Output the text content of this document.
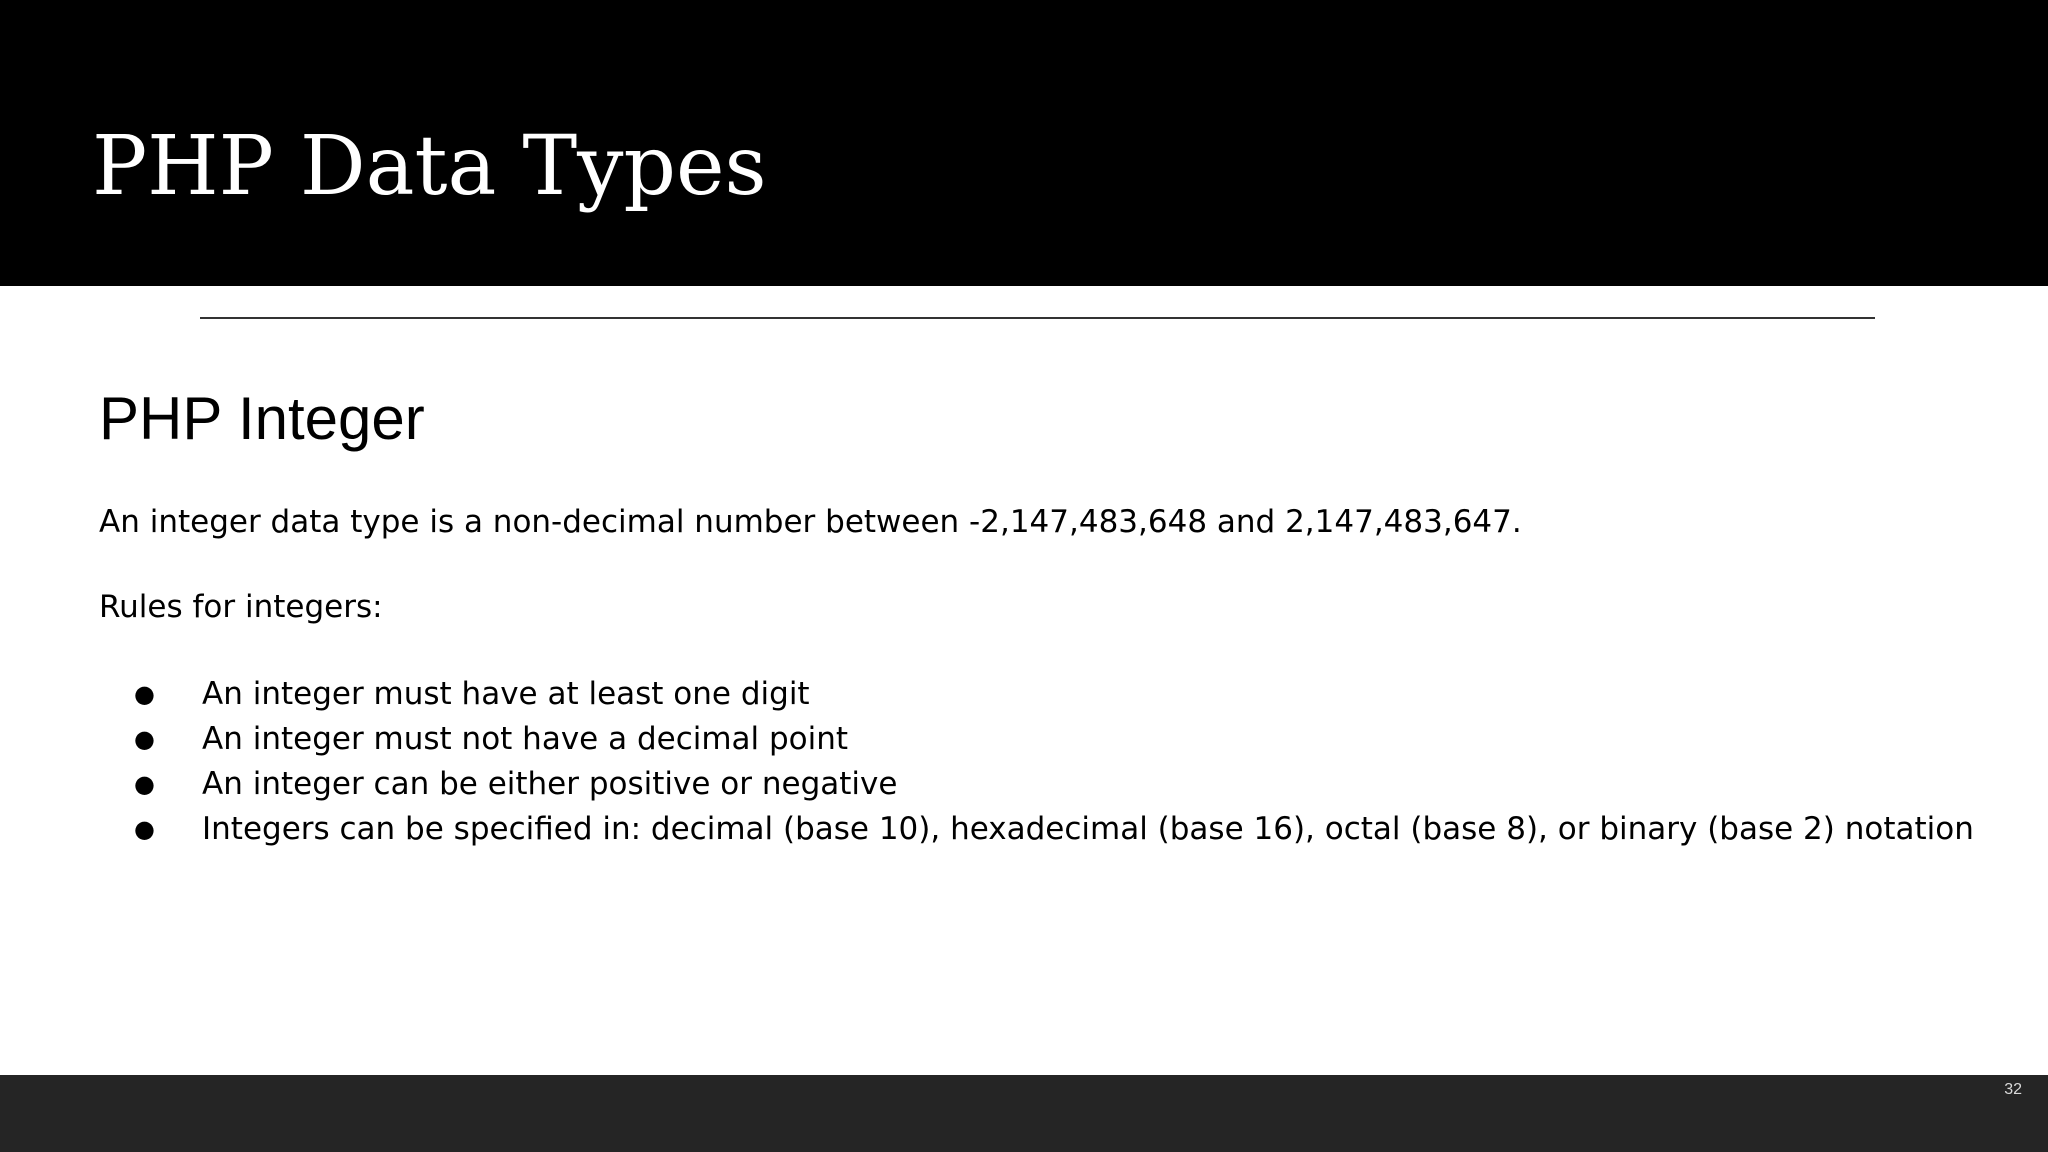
PHP Data Types
PHP Integer

An integer data type is a non-decimal number between -2,147,483,648 and 2,147,483,647.

Rules for integers:

● An integer must have at least one digit
● An integer must not have a decimal point
● An integer can be either positive or negative
● Integers can be specified in: decimal (base 10), hexadecimal (base 16), octal (base 8), or binary (base 2) notation

32
